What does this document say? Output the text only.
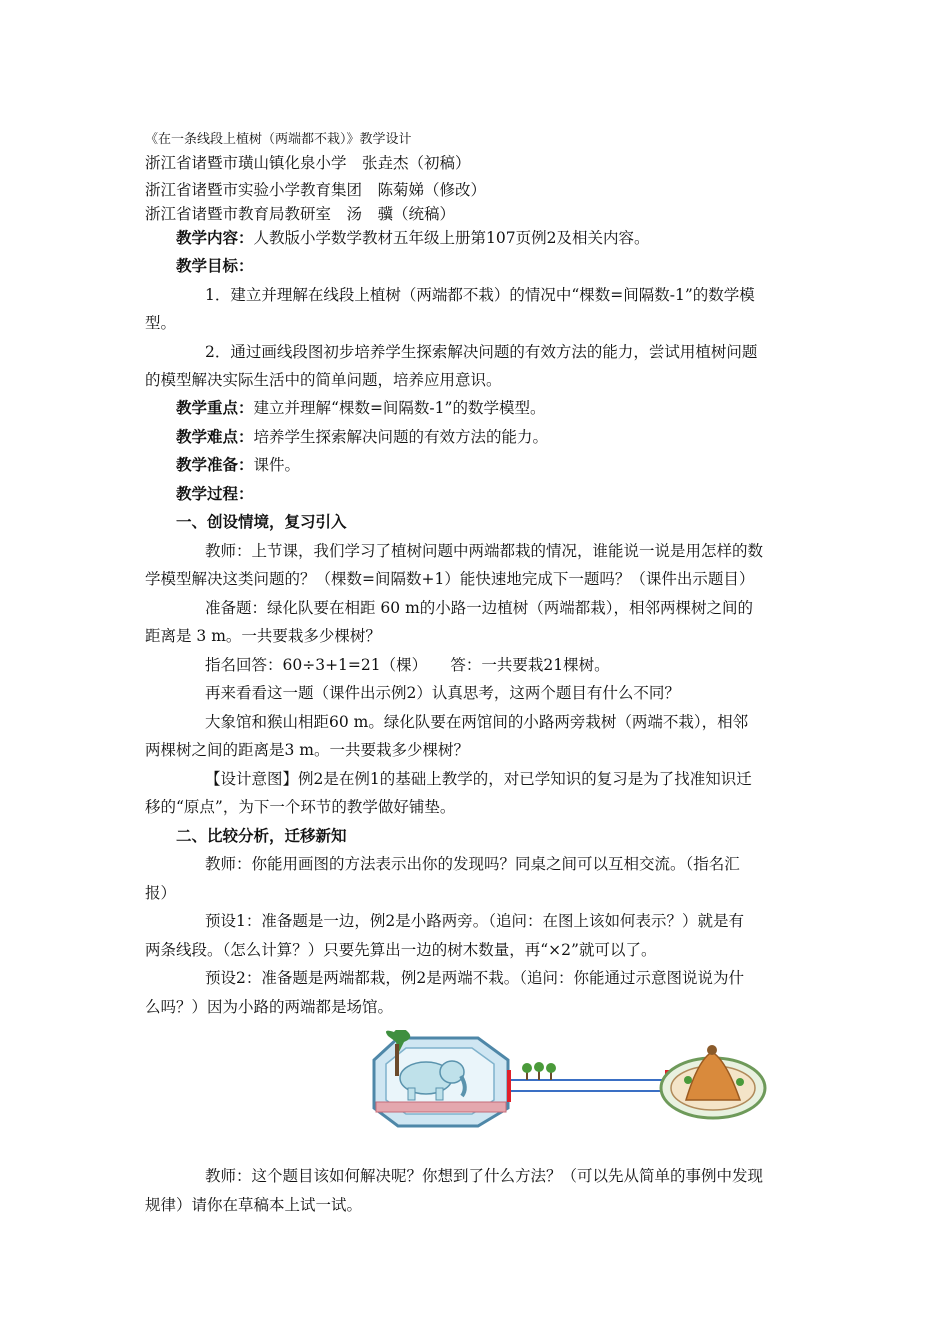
《在一条线段上植树（两端都不栽）》教学设计
浙江省诸暨市璜山镇化泉小学　张垚杰（初稿）
浙江省诸暨市实验小学教育集团　陈菊娣（修改）
浙江省诸暨市教育局教研室　汤　骥（统稿）
教学内容：人教版小学数学教材五年级上册第107页例2及相关内容。
教学目标：
1．建立并理解在线段上植树（两端都不栽）的情况中“棵数=间隔数-1”的数学模
型。
2．通过画线段图初步培养学生探索解决问题的有效方法的能力，尝试用植树问题
的模型解决实际生活中的简单问题，培养应用意识。
教学重点：建立并理解“棵数=间隔数-1”的数学模型。
教学难点：培养学生探索解决问题的有效方法的能力。
教学准备：课件。
教学过程：
一、创设情境，复习引入
教师：上节课，我们学习了植树问题中两端都栽的情况，谁能说一说是用怎样的数
学模型解决这类问题的？（棵数=间隔数+1）能快速地完成下一题吗？（课件出示题目）
准备题：绿化队要在相距 60 m的小路一边植树（两端都栽），相邻两棵树之间的
距离是 3 m。一共要栽多少棵树？
指名回答：60÷3+1=21（棵）　　答：一共要栽21棵树。
再来看看这一题（课件出示例2）认真思考，这两个题目有什么不同？
大象馆和猴山相距60 m。绿化队要在两馆间的小路两旁栽树（两端不栽），相邻
两棵树之间的距离是3 m。一共要栽多少棵树？
【设计意图】例2是在例1的基础上教学的，对已学知识的复习是为了找准知识迁
移的“原点”，为下一个环节的教学做好铺垫。
二、比较分析，迁移新知
教师：你能用画图的方法表示出你的发现吗？同桌之间可以互相交流。（指名汇
报）
预设1：准备题是一边，例2是小路两旁。（追问：在图上该如何表示？）就是有
两条线段。（怎么计算？）只要先算出一边的树木数量，再“×2”就可以了。
预设2：准备题是两端都栽，例2是两端不栽。（追问：你能通过示意图说说为什
么吗？）因为小路的两端都是场馆。
教师：这个题目该如何解决呢？你想到了什么方法？（可以先从简单的事例中发现
规律）请你在草稿本上试一试。
